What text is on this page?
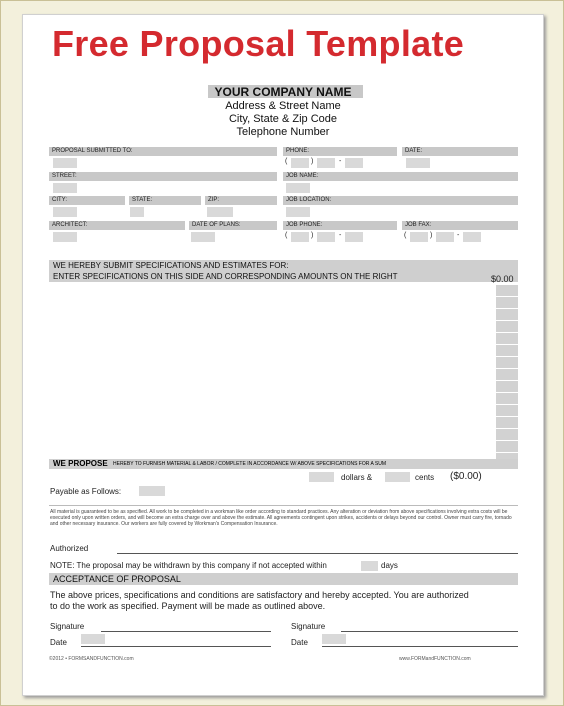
Free Proposal Template
YOUR COMPANY NAME
Address & Street Name
City, State & Zip Code
Telephone Number
PROPOSAL SUBMITTED TO:	PHONE:	DATE:
(	)	-
STREET:	JOB NAME:
CITY:	STATE:	ZIP:	JOB LOCATION:
ARCHITECT:	DATE OF PLANS:	JOB PHONE:	JOB FAX:
(	)	-	(	)	-
WE HEREBY SUBMIT SPECIFICATIONS AND ESTIMATES FOR:
ENTER SPECIFICATIONS ON THIS SIDE AND CORRESPONDING AMOUNTS ON THE RIGHT	$0.00
WE PROPOSE HEREBY TO FURNISH MATERIAL & LABOR / COMPLETE IN ACCORDANCE W/ ABOVE SPECIFICATIONS FOR A SUM
dollars &	cents ($0.00)
Payable as Follows:
All material is guaranteed to be as specified. All work to be completed in a workman like order according to standard practices. Any alteration or deviation from above specifications involving extra costs will be executed only upon written orders, and will become an extra charge over and above the estimate. All agreements contingent upon strikes, accidents or delays beyond our control. Owner must carry fire, tornado and other necessary insurance. Our workers are fully covered by Workman's Compensation Insurance.
Authorized
NOTE: The proposal may be withdrawn by this company if not accepted within	days
ACCEPTANCE OF PROPOSAL
The above prices, specifications and conditions are satisfactory and hereby accepted. You are authorized
to do the work as specified. Payment will be made as outlined above.
Signature	Signature
Date	Date
©2012 • FORMSANDFUNCTION.com	www.FORMandFUNCTION.com
